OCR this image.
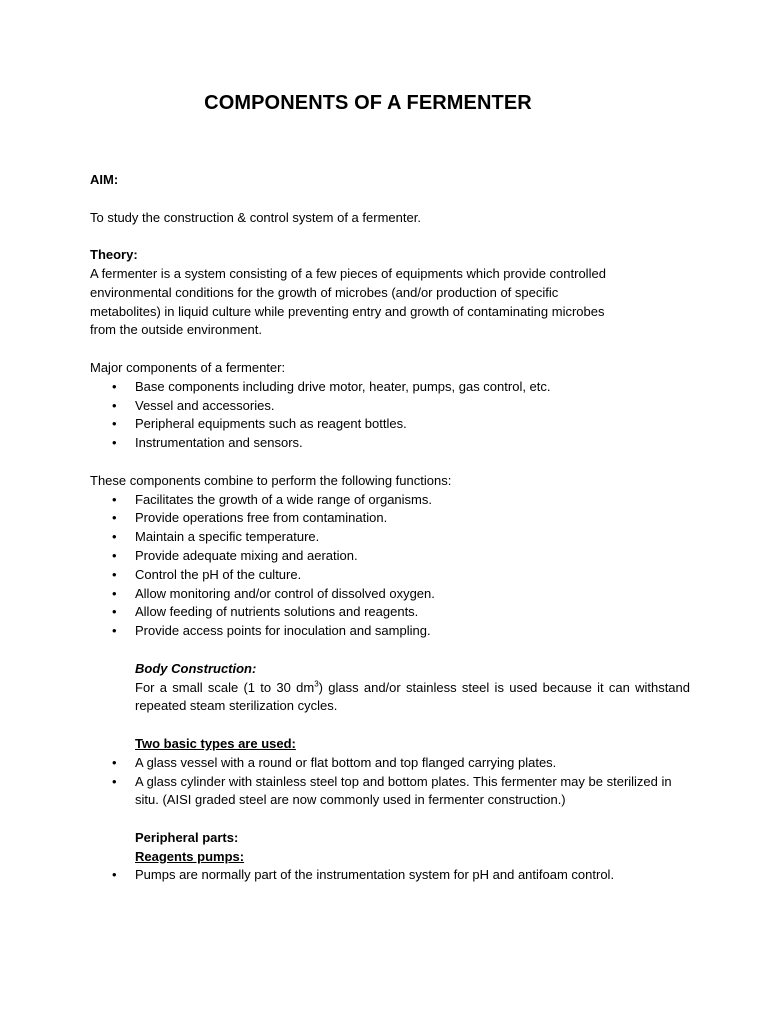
COMPONENTS OF A FERMENTER

AIM:

To study the construction & control system of a fermenter.

Theory:

A fermenter is a system consisting of a few pieces of equipments which provide controlled

environmental conditions for the growth of microbes (and/or production of specific

metabolites) in liquid culture while preventing entry and growth of contaminating microbes

from the outside environment.

Major components of a fermenter:

• Base components including drive motor, heater, pumps, gas control, etc.
• Vessel and accessories.
• Peripheral equipments such as reagent bottles.
• Instrumentation and sensors.

These components combine to perform the following functions:

• Facilitates the growth of a wide range of organisms.
• Provide operations free from contamination.
• Maintain a specific temperature.
• Provide adequate mixing and aeration.
• Control the pH of the culture.
• Allow monitoring and/or control of dissolved oxygen.
• Allow feeding of nutrients solutions and reagents.
• Provide access points for inoculation and sampling.

Body Construction:

For a small scale (1 to 30 $dm^3$) glass and/or stainless steel is used because it can withstand repeated steam sterilization cycles.

Two basic types are used:

• A glass vessel with a round or flat bottom and top flanged carrying plates.
• A glass cylinder with stainless steel top and bottom plates. This fermenter may be sterilized in situ. (AISI graded steel are now commonly used in fermenter construction.)

Peripheral parts:

Reagents pumps:

• Pumps are normally part of the instrumentation system for pH and antifoam control.
